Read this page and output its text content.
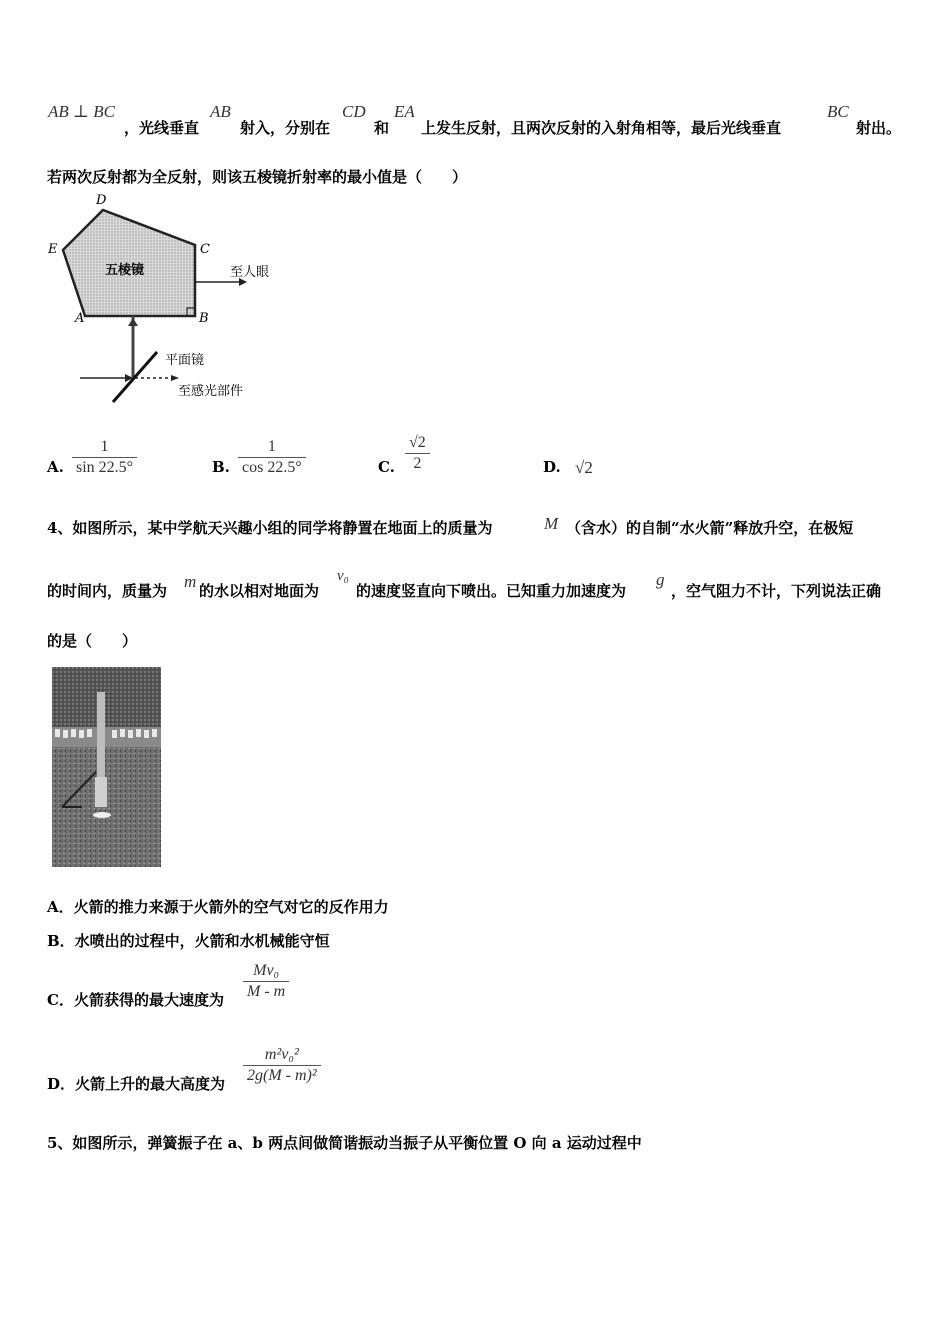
AB ⊥ BC
，光线垂直
AB
射入，分别在
CD
和
EA
上发生反射，且两次反射的入射角相等，最后光线垂直
BC
射出。
若两次反射都为全反射，则该五棱镜折射率的最小值是（　　）
D
E	C
A	B
五棱镜	至人眼
平面镜
至感光部件
A.
1
sin 22.5°	B.
1
cos 22.5°	C.
√2
2	D. √2
4、如图所示，某中学航天兴趣小组的同学将静置在地面上的质量为	M （含水）的自制“水火箭”释放升空，在极短
的时间内，质量为 m 的水以相对地面为
v₀
的速度竖直向下喷出。已知重力加速度为
g
，空气阻力不计，下列说法正确
的是（　　）
A．火箭的推力来源于火箭外的空气对它的反作用力
B．水喷出的过程中，火箭和水机械能守恒
C．火箭获得的最大速度为
Mv₀
M - m
D．火箭上升的最大高度为
m²v₀²
2g(M - m)²
5、如图所示，弹簧振子在 a、b 两点间做简谐振动当振子从平衡位置 O 向 a 运动过程中
